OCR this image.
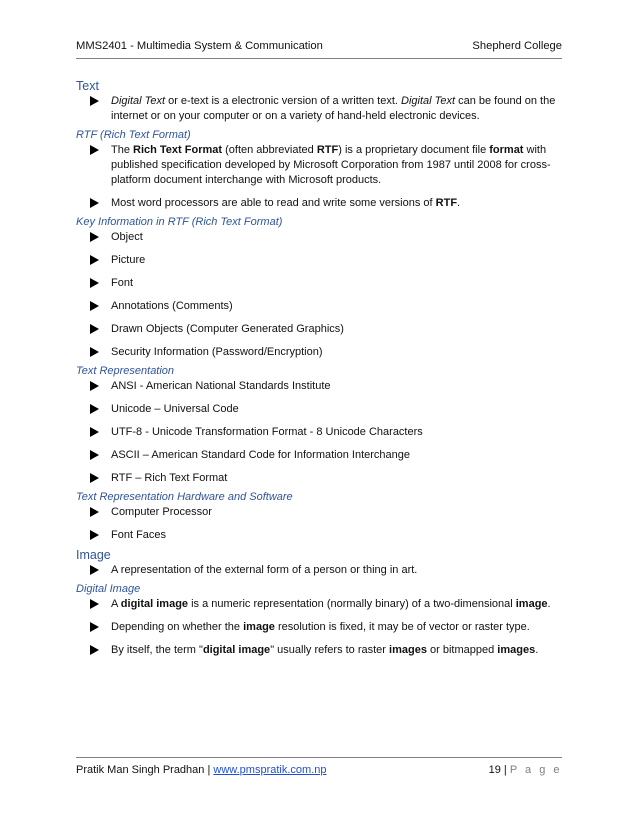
MMS2401 - Multimedia System & Communication	Shepherd College
Text
Digital Text or e-text is a electronic version of a written text. Digital Text can be found on the internet or on your computer or on a variety of hand-held electronic devices.
RTF (Rich Text Format)
The Rich Text Format (often abbreviated RTF) is a proprietary document file format with published specification developed by Microsoft Corporation from 1987 until 2008 for cross-platform document interchange with Microsoft products.
Most word processors are able to read and write some versions of RTF.
Key Information in RTF (Rich Text Format)
Object
Picture
Font
Annotations (Comments)
Drawn Objects (Computer Generated Graphics)
Security Information (Password/Encryption)
Text Representation
ANSI - American National Standards Institute
Unicode – Universal Code
UTF-8 - Unicode Transformation Format - 8 Unicode Characters
ASCII – American Standard Code for Information Interchange
RTF – Rich Text Format
Text Representation Hardware and Software
Computer Processor
Font Faces
Image
A representation of the external form of a person or thing in art.
Digital Image
A digital image is a numeric representation (normally binary) of a two-dimensional image.
Depending on whether the image resolution is fixed, it may be of vector or raster type.
By itself, the term "digital image" usually refers to raster images or bitmapped images.
Pratik Man Singh Pradhan | www.pmspratik.com.np	19 | P a g e
